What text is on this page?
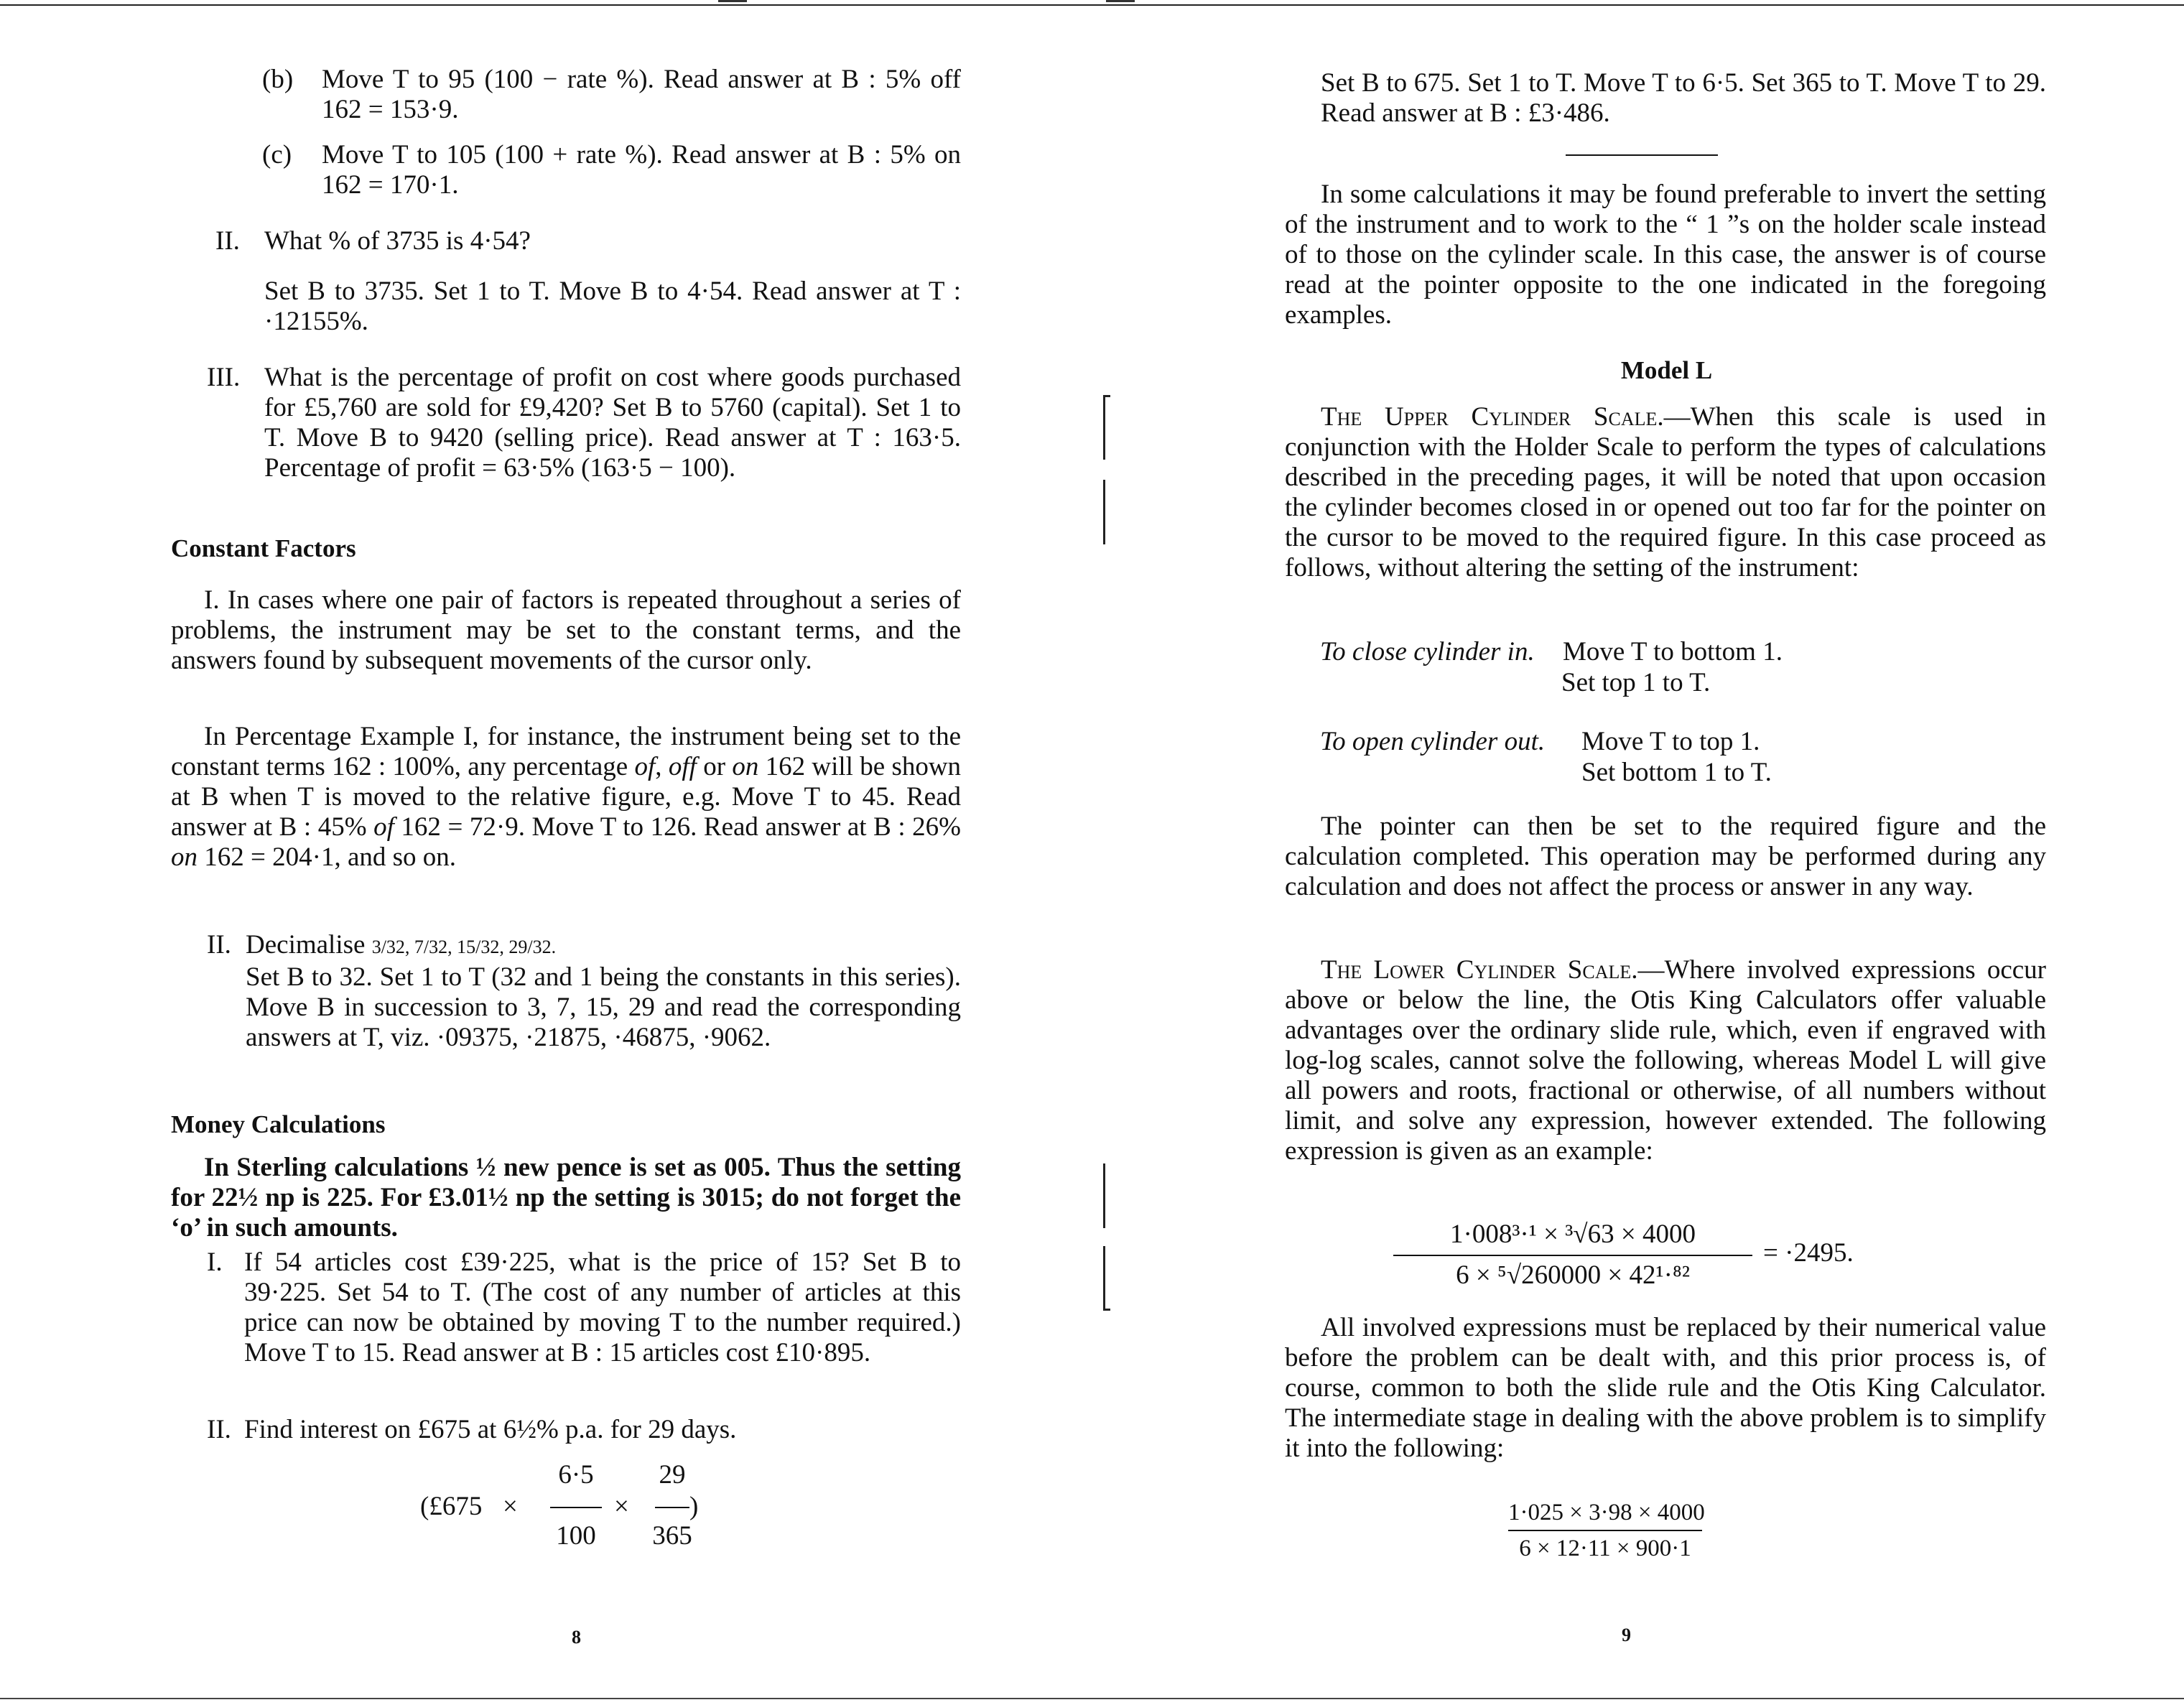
(b) Move T to 95 (100 − rate %). Read answer at B : 5% off 162 = 153·9.

(c) Move T to 105 (100 + rate %). Read answer at B : 5% on 162 = 170·1.

II. What % of 3735 is 4·54?

Set B to 3735. Set 1 to T. Move B to 4·54. Read answer at T : ·12155%.

III. What is the percentage of profit on cost where goods purchased for £5,760 are sold for £9,420? Set B to 5760 (capital). Set 1 to T. Move B to 9420 (selling price). Read answer at T : 163·5. Percentage of profit = 63·5% (163·5 − 100).

Constant Factors

I. In cases where one pair of factors is repeated throughout a series of problems, the instrument may be set to the constant terms, and the answers found by subsequent movements of the cursor only.

In Percentage Example I, for instance, the instrument being set to the constant terms 162 : 100%, any percentage of, off or on 162 will be shown at B when T is moved to the relative figure, e.g. Move T to 45. Read answer at B : 45% of 162 = 72·9. Move T to 126. Read answer at B : 26% on 162 = 204·1, and so on.

II. Decimalise 3/32, 7/32, 15/32, 29/32.
Set B to 32. Set 1 to T (32 and 1 being the constants in this series). Move B in succession to 3, 7, 15, 29 and read the corresponding answers at T, viz. ·09375, ·21875, ·46875, ·9062.

Money Calculations

In Sterling calculations ½ new pence is set as 005. Thus the setting for 22½ np is 225. For £3.01½ np the setting is 3015; do not forget the ‘o’ in such amounts.

I. If 54 articles cost £39·225, what is the price of 15? Set B to 39·225. Set 54 to T. (The cost of any number of articles at this price can now be obtained by moving T to the number required.) Move T to 15. Read answer at B : 15 articles cost £10·895.

II. Find interest on £675 at 6½% p.a. for 29 days.

(£675 ×
6·5
100
×
29
365
)
8

Set B to 675. Set 1 to T. Move T to 6·5. Set 365 to T. Move T to 29. Read answer at B : £3·486.

In some calculations it may be found preferable to invert the setting of the instrument and to work to the “ 1 ”s on the holder scale instead of to those on the cylinder scale. In this case, the answer is of course read at the pointer opposite to the one indicated in the foregoing examples.

Model L

The Upper Cylinder Scale.—When this scale is used in conjunction with the Holder Scale to perform the types of calculations described in the preceding pages, it will be noted that upon occasion the cylinder becomes closed in or opened out too far for the pointer on the cursor to be moved to the required figure. In this case proceed as follows, without altering the setting of the instrument:

To close cylinder in. Move T to bottom 1.
Set top 1 to T.
To open cylinder out. Move T to top 1.
Set bottom 1 to T.

The pointer can then be set to the required figure and the calculation completed. This operation may be performed during any calculation and does not affect the process or answer in any way.

The Lower Cylinder Scale.—Where involved expressions occur above or below the line, the Otis King Calculators offer valuable advantages over the ordinary slide rule, which, even if engraved with log-log scales, cannot solve the following, whereas Model L will give all powers and roots, fractional or otherwise, of all numbers without limit, and solve any expression, however extended. The following expression is given as an example:

1·008³·¹ × ³√63 × 4000
6 × ⁵√260000 × 42¹·⁸²
= ·2495.

All involved expressions must be replaced by their numerical value before the problem can be dealt with, and this prior process is, of course, common to both the slide rule and the Otis King Calculator. The intermediate stage in dealing with the above problem is to simplify it into the following:

1·025 × 3·98 × 4000
6 × 12·11 × 900·1
9
